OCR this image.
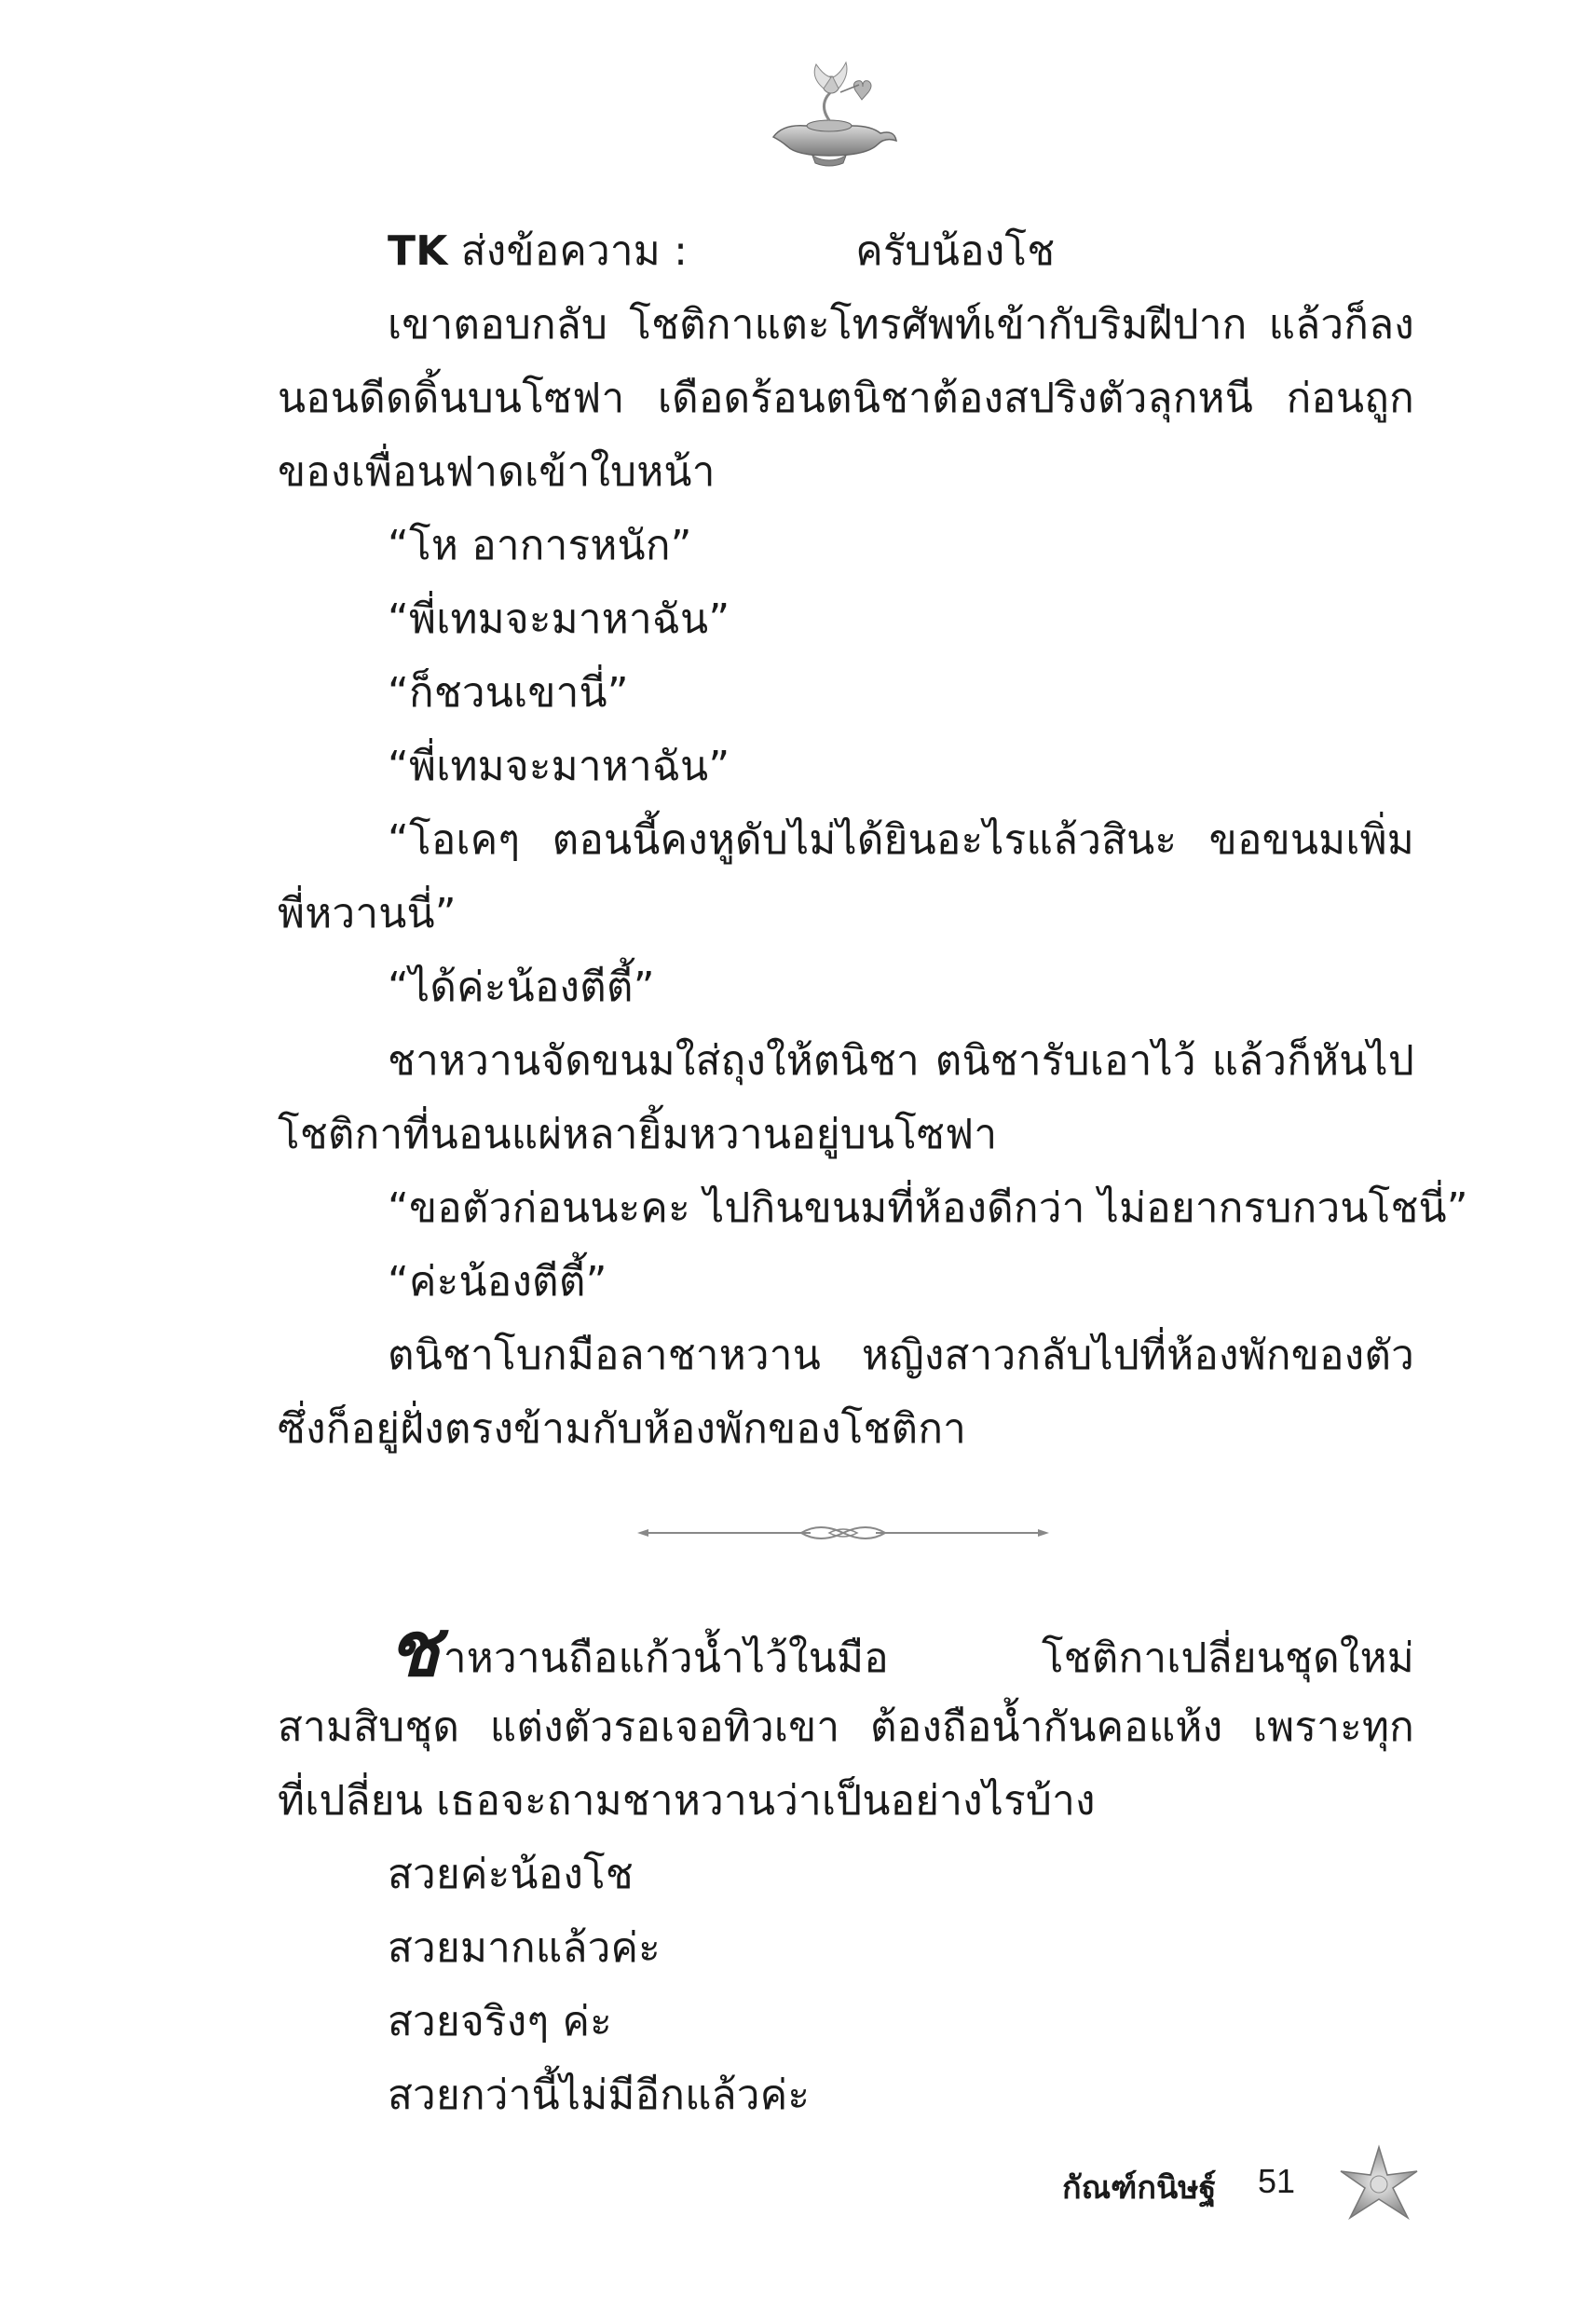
TK ส่งข้อความ :	ครับน้องโช
เขาตอบกลับ โชติกาแตะโทรศัพท์เข้ากับริมฝีปาก แล้วก็ลง
นอนดีดดิ้นบนโซฟา เดือดร้อนตนิชาต้องสปริงตัวลุกหนี ก่อนถูก
ของเพื่อนฟาดเข้าใบหน้า
“โห อาการหนัก”
“พี่เทมจะมาหาฉัน”
“ก็ชวนเขานี่”
“พี่เทมจะมาหาฉัน”
“โอเคๆ ตอนนี้คงหูดับไม่ได้ยินอะไรแล้วสินะ ขอขนมเพิ่ม
พี่หวานนี่”
“ได้ค่ะน้องตีตี้”
ชาหวานจัดขนมใส่ถุงให้ตนิชา ตนิชารับเอาไว้ แล้วก็หันไป
โชติกาที่นอนแผ่หลายิ้มหวานอยู่บนโซฟา
“ขอตัวก่อนนะคะ ไปกินขนมที่ห้องดีกว่า ไม่อยากรบกวนโชนี่”
“ค่ะน้องตีตี้”
ตนิชาโบกมือลาชาหวาน หญิงสาวกลับไปที่ห้องพักของตัว
ซึ่งก็อยู่ฝั่งตรงข้ามกับห้องพักของโชติกา
ชาหวานถือแก้วน้ำไว้ในมือ โชติกาเปลี่ยนชุดใหม่
สามสิบชุด แต่งตัวรอเจอทิวเขา ต้องถือน้ำกันคอแห้ง เพราะทุก
ที่เปลี่ยน เธอจะถามชาหวานว่าเป็นอย่างไรบ้าง
สวยค่ะน้องโช
สวยมากแล้วค่ะ
สวยจริงๆ ค่ะ
สวยกว่านี้ไม่มีอีกแล้วค่ะ
กัณฑ์กนิษฐ์ 51
